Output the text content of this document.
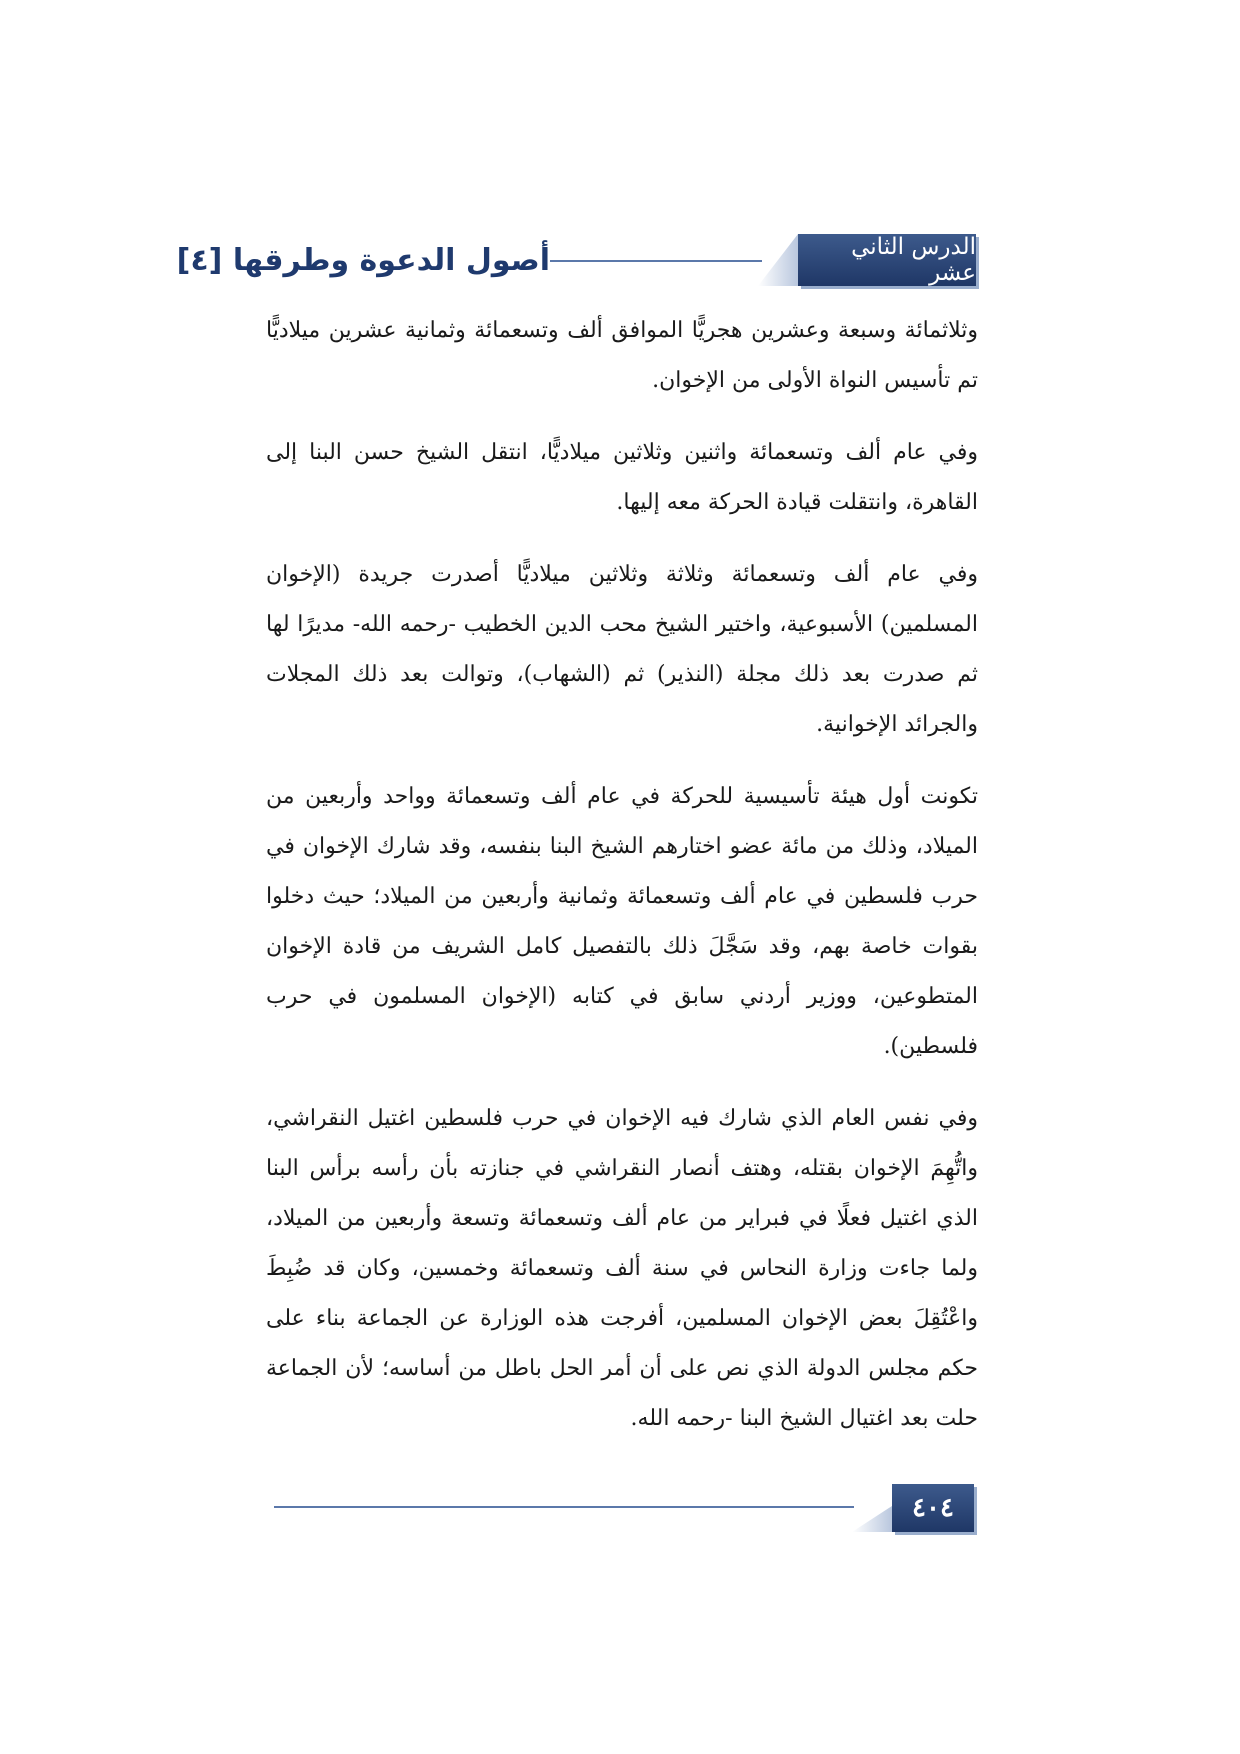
أصول الدعوة وطرقها [٤]	الدرس الثاني عشر

وثلاثمائة وسبعة وعشرين هجريًّا الموافق ألف وتسعمائة وثمانية عشرين ميلاديًّا تم تأسيس النواة الأولى من الإخوان.

وفي عام ألف وتسعمائة واثنين وثلاثين ميلاديًّا، انتقل الشيخ حسن البنا إلى القاهرة، وانتقلت قيادة الحركة معه إليها.

وفي عام ألف وتسعمائة وثلاثة وثلاثين ميلاديًّا أصدرت جريدة (الإخوان المسلمين) الأسبوعية، واختير الشيخ محب الدين الخطيب -رحمه الله- مديرًا لها ثم صدرت بعد ذلك مجلة (النذير) ثم (الشهاب)، وتوالت بعد ذلك المجلات والجرائد الإخوانية.

تكونت أول هيئة تأسيسية للحركة في عام ألف وتسعمائة وواحد وأربعين من الميلاد، وذلك من مائة عضو اختارهم الشيخ البنا بنفسه، وقد شارك الإخوان في حرب فلسطين في عام ألف وتسعمائة وثمانية وأربعين من الميلاد؛ حيث دخلوا بقوات خاصة بهم، وقد سَجَّلَ ذلك بالتفصيل كامل الشريف من قادة الإخوان المتطوعين، ووزير أردني سابق في كتابه (الإخوان المسلمون في حرب فلسطين).

وفي نفس العام الذي شارك فيه الإخوان في حرب فلسطين اغتيل النقراشي، واتُّهِمَ الإخوان بقتله، وهتف أنصار النقراشي في جنازته بأن رأسه برأس البنا الذي اغتيل فعلًا في فبراير من عام ألف وتسعمائة وتسعة وأربعين من الميلاد، ولما جاءت وزارة النحاس في سنة ألف وتسعمائة وخمسين، وكان قد ضُبِطَ واعْتُقِلَ بعض الإخوان المسلمين، أفرجت هذه الوزارة عن الجماعة بناء على حكم مجلس الدولة الذي نص على أن أمر الحل باطل من أساسه؛ لأن الجماعة حلت بعد اغتيال الشيخ البنا -رحمه الله.

٤٠٤
